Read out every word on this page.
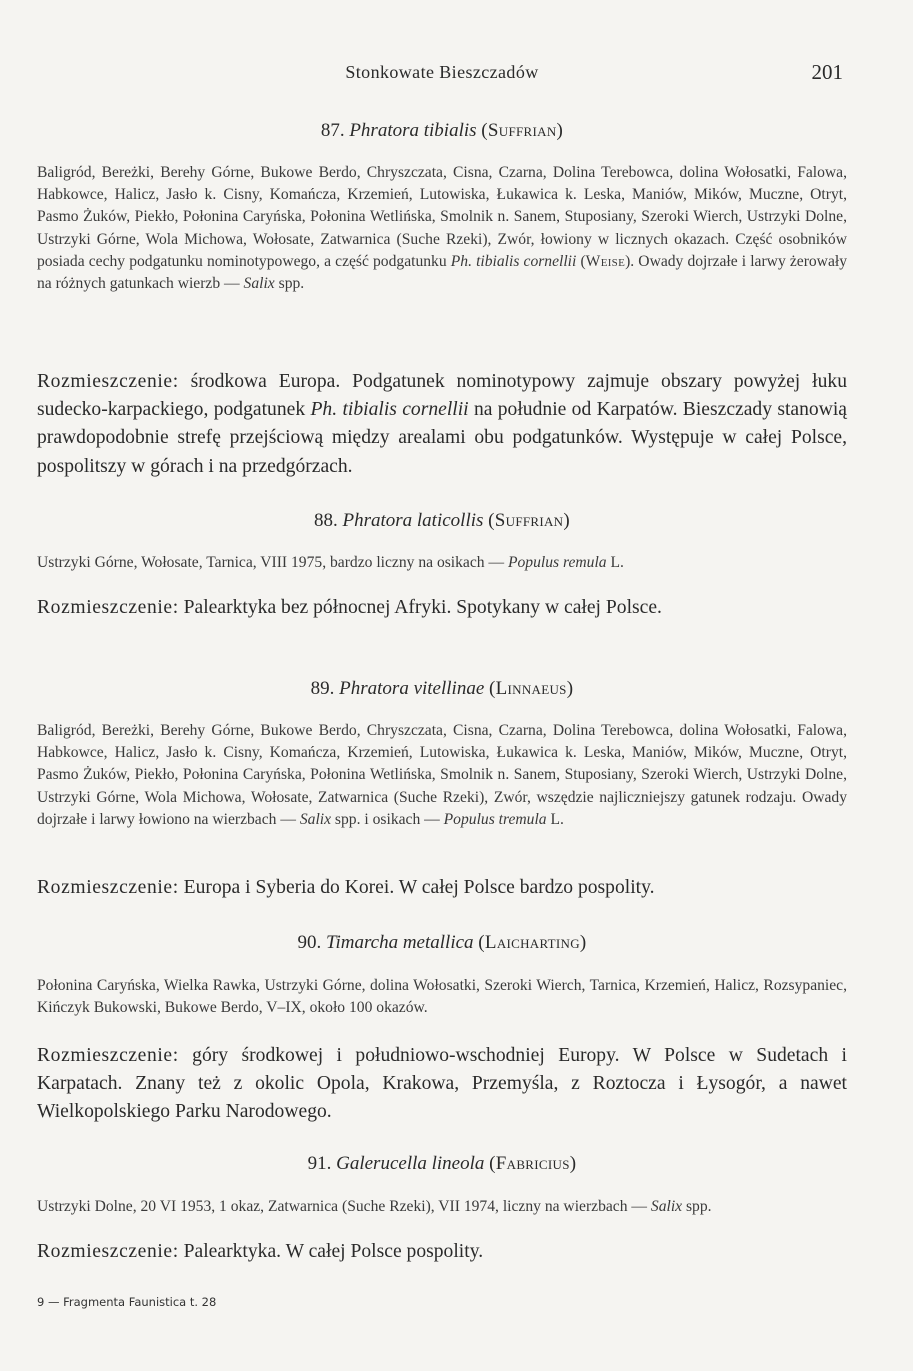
Stonkowate Bieszczadów	201
87. Phratora tibialis (Suffrian)
Baligród, Bereżki, Berehy Górne, Bukowe Berdo, Chryszczata, Cisna, Czarna, Dolina Terebowca, dolina Wołosatki, Falowa, Habkowce, Halicz, Jasło k. Cisny, Komańcza, Krzemień, Lutowiska, Łukawica k. Leska, Maniów, Mików, Muczne, Otryt, Pasmo Żuków, Piekło, Połonina Caryńska, Połonina Wetlińska, Smolnik n. Sanem, Stuposiany, Szeroki Wierch, Ustrzyki Dolne, Ustrzyki Górne, Wola Michowa, Wołosate, Zatwarnica (Suche Rzeki), Zwór, łowiony w licznych okazach. Część osobników posiada cechy podgatunku nominotypowego, a część podgatunku Ph. tibialis cornellii (Weise). Owady dojrzałe i larwy żerowały na różnych gatunkach wierzb — Salix spp.
Rozmieszczenie: środkowa Europa. Podgatunek nominotypowy zajmuje obszary powyżej łuku sudecko-karpackiego, podgatunek Ph. tibialis cornellii na południe od Karpatów. Bieszczady stanowią prawdopodobnie strefę przejściową między arealami obu podgatunków. Występuje w całej Polsce, pospolitszy w górach i na przedgórzach.
88. Phratora laticollis (Suffrian)
Ustrzyki Górne, Wołosate, Tarnica, VIII 1975, bardzo liczny na osikach — Populus remula L.
Rozmieszczenie: Palearktyka bez północnej Afryki. Spotykany w całej Polsce.
89. Phratora vitellinae (Linnaeus)
Baligród, Bereżki, Berehy Górne, Bukowe Berdo, Chryszczata, Cisna, Czarna, Dolina Terebowca, dolina Wołosatki, Falowa, Habkowce, Halicz, Jasło k. Cisny, Komańcza, Krzemień, Lutowiska, Łukawica k. Leska, Maniów, Mików, Muczne, Otryt, Pasmo Żuków, Piekło, Połonina Caryńska, Połonina Wetlińska, Smolnik n. Sanem, Stuposiany, Szeroki Wierch, Ustrzyki Dolne, Ustrzyki Górne, Wola Michowa, Wołosate, Zatwarnica (Suche Rzeki), Zwór, wszędzie najliczniejszy gatunek rodzaju. Owady dojrzałe i larwy łowiono na wierzbach — Salix spp. i osikach — Populus tremula L.
Rozmieszczenie: Europa i Syberia do Korei. W całej Polsce bardzo pospolity.
90. Timarcha metallica (Laicharting)
Połonina Caryńska, Wielka Rawka, Ustrzyki Górne, dolina Wołosatki, Szeroki Wierch, Tarnica, Krzemień, Halicz, Rozsypaniec, Kińczyk Bukowski, Bukowe Berdo, V–IX, około 100 okazów.
Rozmieszczenie: góry środkowej i południowo-wschodniej Europy. W Polsce w Sudetach i Karpatach. Znany też z okolic Opola, Krakowa, Przemyśla, z Roztocza i Łysogór, a nawet Wielkopolskiego Parku Narodowego.
91. Galerucella lineola (Fabricius)
Ustrzyki Dolne, 20 VI 1953, 1 okaz, Zatwarnica (Suche Rzeki), VII 1974, liczny na wierzbach — Salix spp.
Rozmieszczenie: Palearktyka. W całej Polsce pospolity.
9 — Fragmenta Faunistica t. 28
